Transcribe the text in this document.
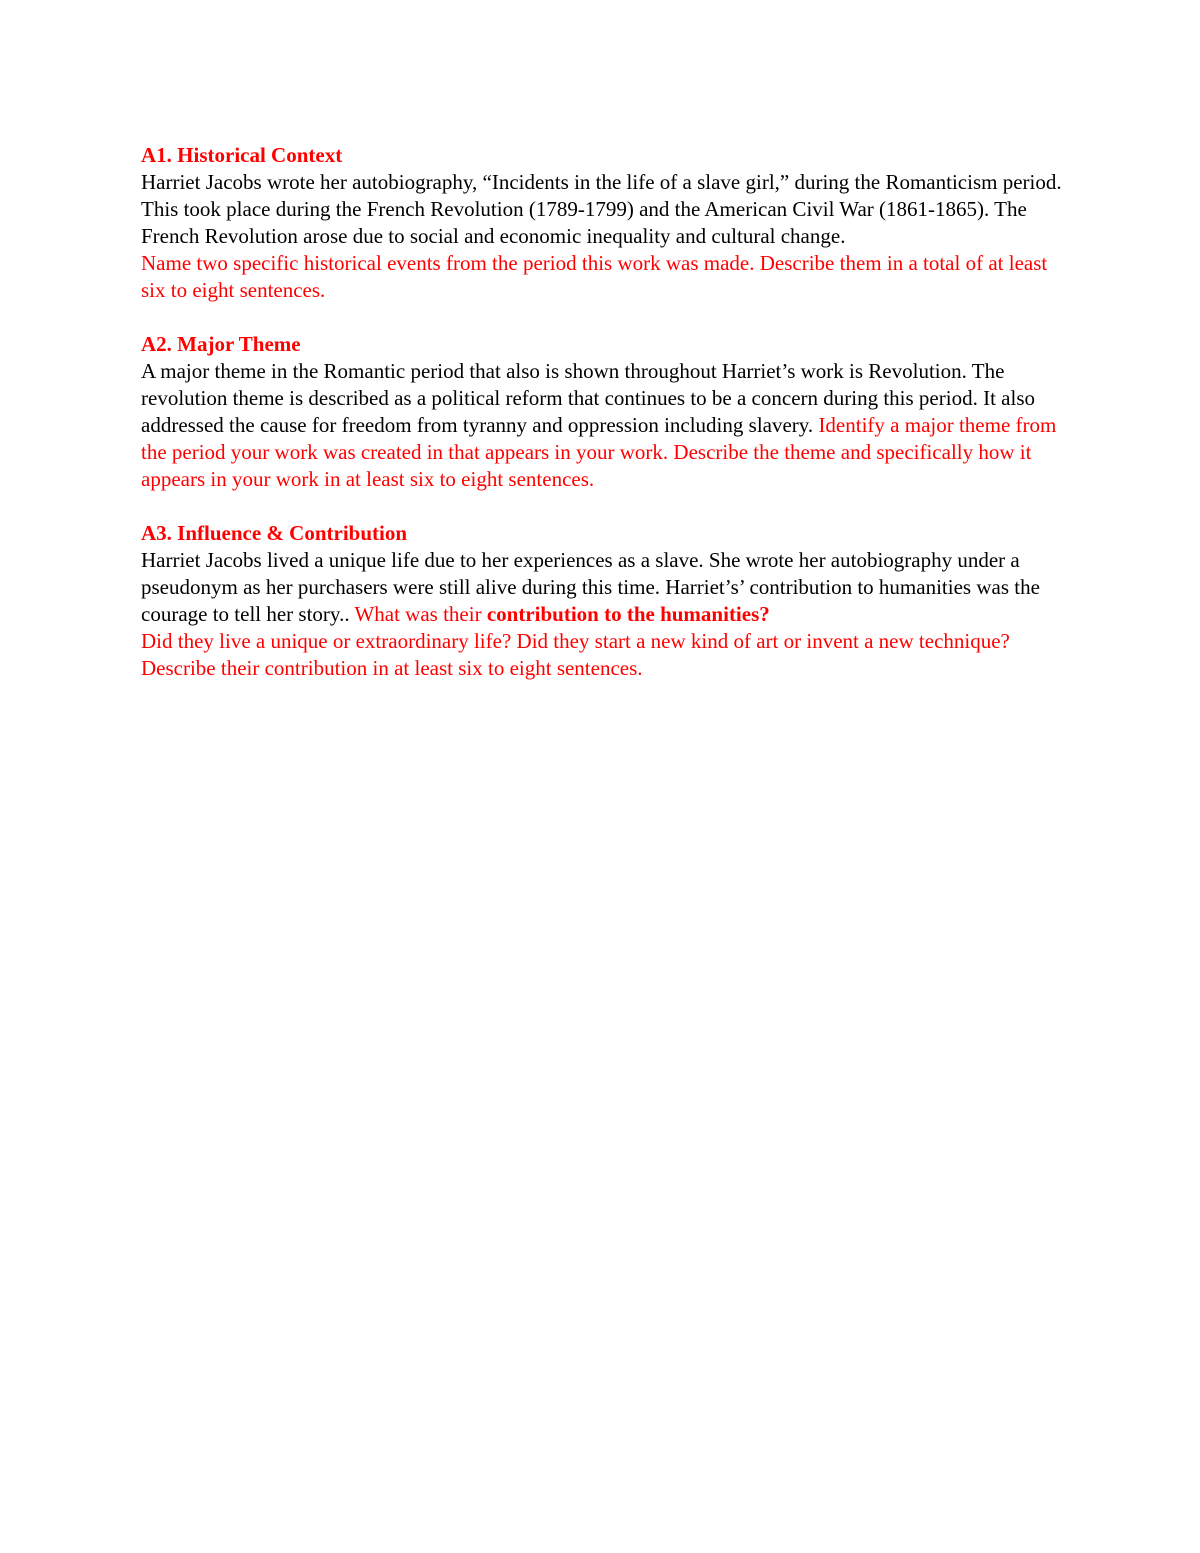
A1. Historical Context

Harriet Jacobs wrote her autobiography, “Incidents in the life of a slave girl,” during the Romanticism period. This took place during the French Revolution (1789-1799) and the American Civil War (1861-1865). The French Revolution arose due to social and economic inequality and cultural change.
Name two specific historical events from the period this work was made. Describe them in a total of at least six to eight sentences.

A2. Major Theme

A major theme in the Romantic period that also is shown throughout Harriet’s work is Revolution. The revolution theme is described as a political reform that continues to be a concern during this period. It also addressed the cause for freedom from tyranny and oppression including slavery. Identify a major theme from the period your work was created in that appears in your work. Describe the theme and specifically how it appears in your work in at least six to eight sentences.

A3. Influence & Contribution

Harriet Jacobs lived a unique life due to her experiences as a slave. She wrote her autobiography under a pseudonym as her purchasers were still alive during this time. Harriet’s’ contribution to humanities was the courage to tell her story.. What was their contribution to the humanities?
Did they live a unique or extraordinary life? Did they start a new kind of art or invent a new technique? Describe their contribution in at least six to eight sentences.
